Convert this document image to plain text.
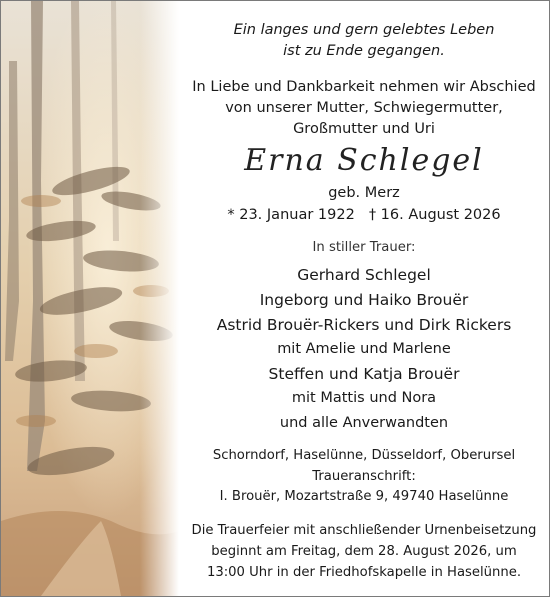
Ein langes und gern gelebtes Leben
ist zu Ende gegangen.
In Liebe und Dankbarkeit nehmen wir Abschied
von unserer Mutter, Schwiegermutter,
Großmutter und Uri
Erna Schlegel
geb. Merz
* 23. Januar 1922 † 16. August 2026
In stiller Trauer:
Gerhard Schlegel
Ingeborg und Haiko Brouër
Astrid Brouër-Rickers und Dirk Rickers
mit Amelie und Marlene
Steffen und Katja Brouër
mit Mattis und Nora
und alle Anverwandten
Schorndorf, Haselünne, Düsseldorf, Oberursel
Traueranschrift:
I. Brouër, Mozartstraße 9, 49740 Haselünne
Die Trauerfeier mit anschließender Urnenbeisetzung
beginnt am Freitag, dem 28. August 2026, um
13:00 Uhr in der Friedhofskapelle in Haselünne.
